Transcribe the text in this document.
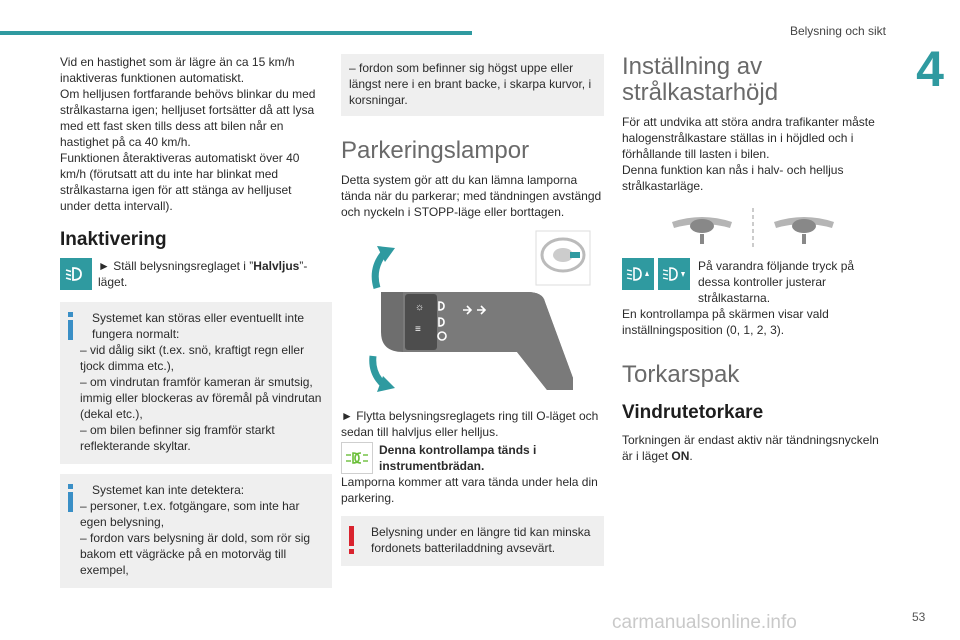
Belysning och sikt
4

Vid en hastighet som är lägre än ca 15 km/h inaktiveras funktionen automatiskt.

Om helljusen fortfarande behövs blinkar du med strålkastarna igen; helljuset fortsätter då att lysa med ett fast sken tills dess att bilen når en hastighet på ca 40 km/h.

Funktionen återaktiveras automatiskt över 40 km/h (förutsatt att du inte har blinkat med strålkastarna igen för att stänga av helljuset under detta intervall).

Inaktivering

► Ställ belysningsreglaget i ”Halvljus”-läget.

Systemet kan störas eller eventuellt inte fungera normalt:

– vid dålig sikt (t.ex. snö, kraftigt regn eller tjock dimma etc.),

– om vindrutan framför kameran är smutsig, immig eller blockeras av föremål på vindrutan (dekal etc.),

– om bilen befinner sig framför starkt reflekterande skyltar.

Systemet kan inte detektera:

– personer, t.ex. fotgängare, som inte har egen belysning,

– fordon vars belysning är dold, som rör sig bakom ett vägräcke på en motorväg till exempel,

– fordon som befinner sig högst uppe eller längst nere i en brant backe, i skarpa kurvor, i korsningar.

Parkeringslampor

Detta system gör att du kan lämna lamporna tända när du parkerar; med tändningen avstängd och nyckeln i STOPP-läge eller borttagen.

☼
≡

► Flytta belysningsreglagets ring till O-läget och sedan till halvljus eller helljus.

Denna kontrollampa tänds i instrumentbrädan.

Lamporna kommer att vara tända under hela din parkering.

Belysning under en längre tid kan minska fordonets batteriladdning avsevärt.

Inställning av
strålkastarhöjd

För att undvika att störa andra trafikanter måste halogenstrålkastare ställas in i höjdled och i förhållande till lasten i bilen.

Denna funktion kan nås i halv- och helljus strålkastarläge.

På varandra följande tryck på dessa kontroller justerar strålkastarna.

En kontrollampa på skärmen visar vald inställningsposition (0, 1, 2, 3).

Torkarspak
Vindrutetorkare

Torkningen är endast aktiv när tändningsnyckeln är i läget ON.

carmanualsonline.info	53
